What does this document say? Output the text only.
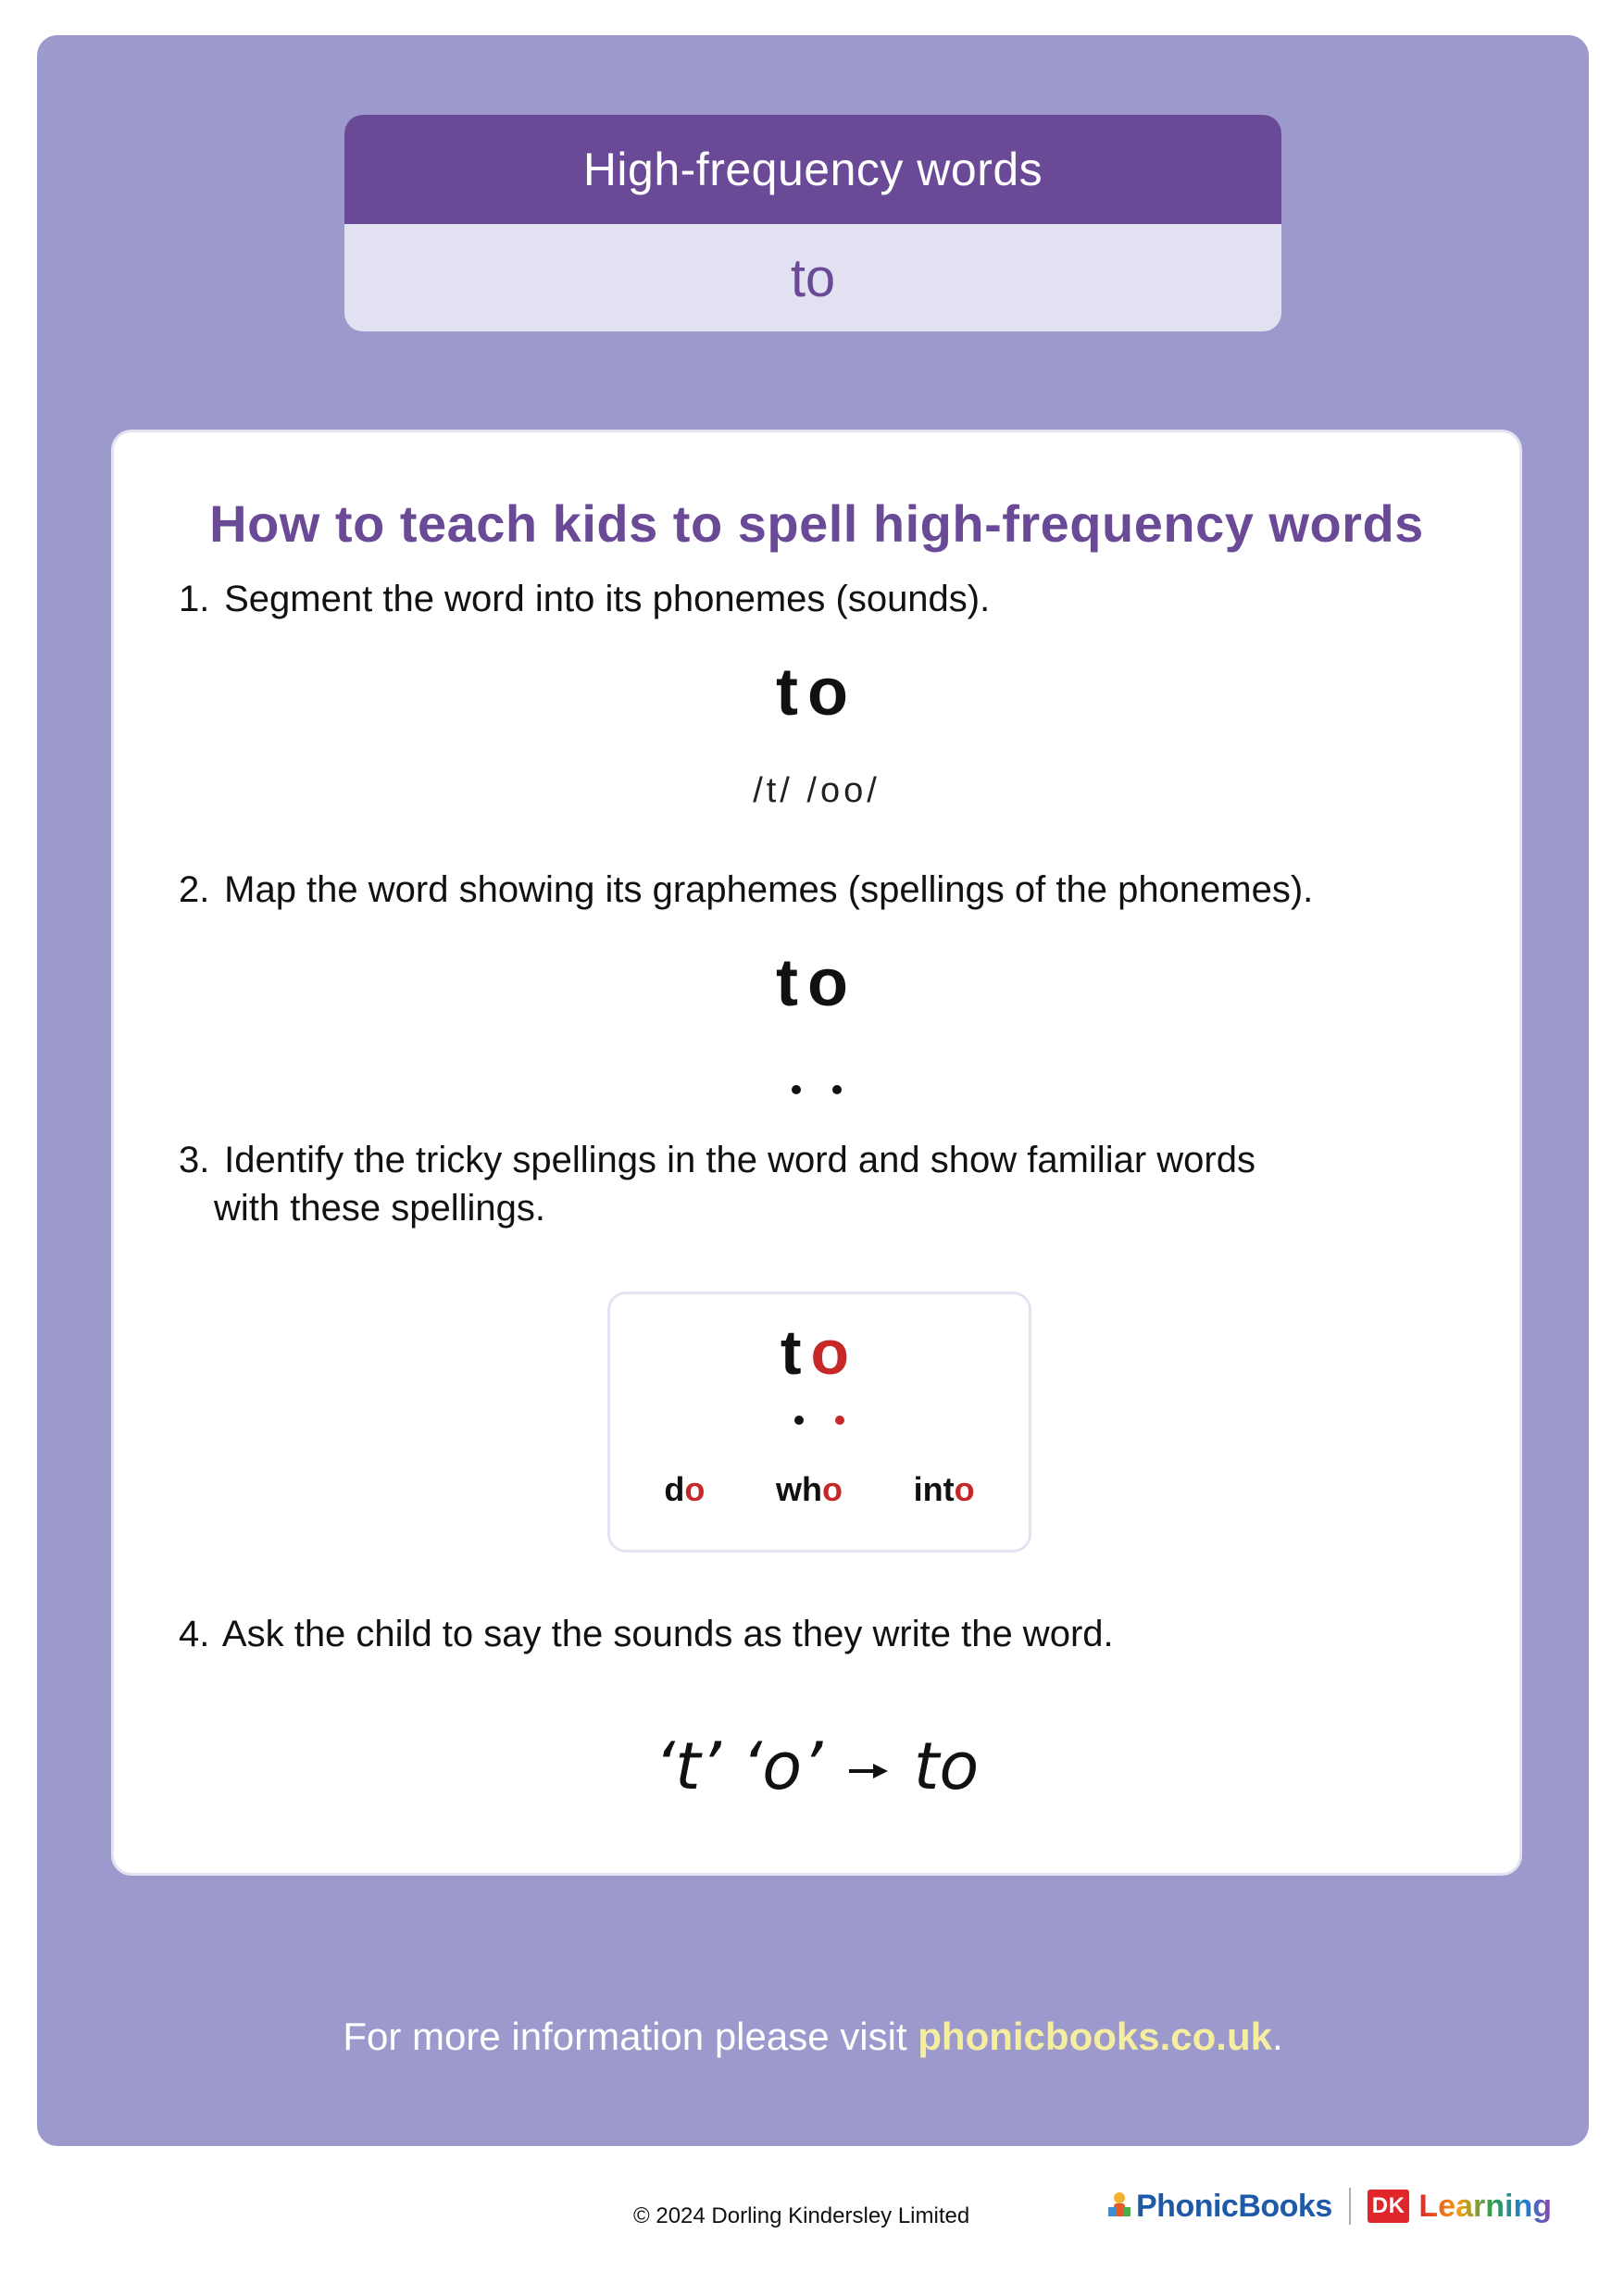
High-frequency words
to
How to teach kids to spell high-frequency words
1. Segment the word into its phonemes (sounds).
to
/t/ /oo/
2. Map the word showing its graphemes (spellings of the phonemes).
to
3. Identify the tricky spellings in the word and show familiar words
with these spellings.
to
do who into
4. Ask the child to say the sounds as they write the word.
‘t’ ‘o’ to
For more information please visit phonicbooks.co.uk.
© 2024 Dorling Kindersley Limited	PhonicBooks DK Learning
